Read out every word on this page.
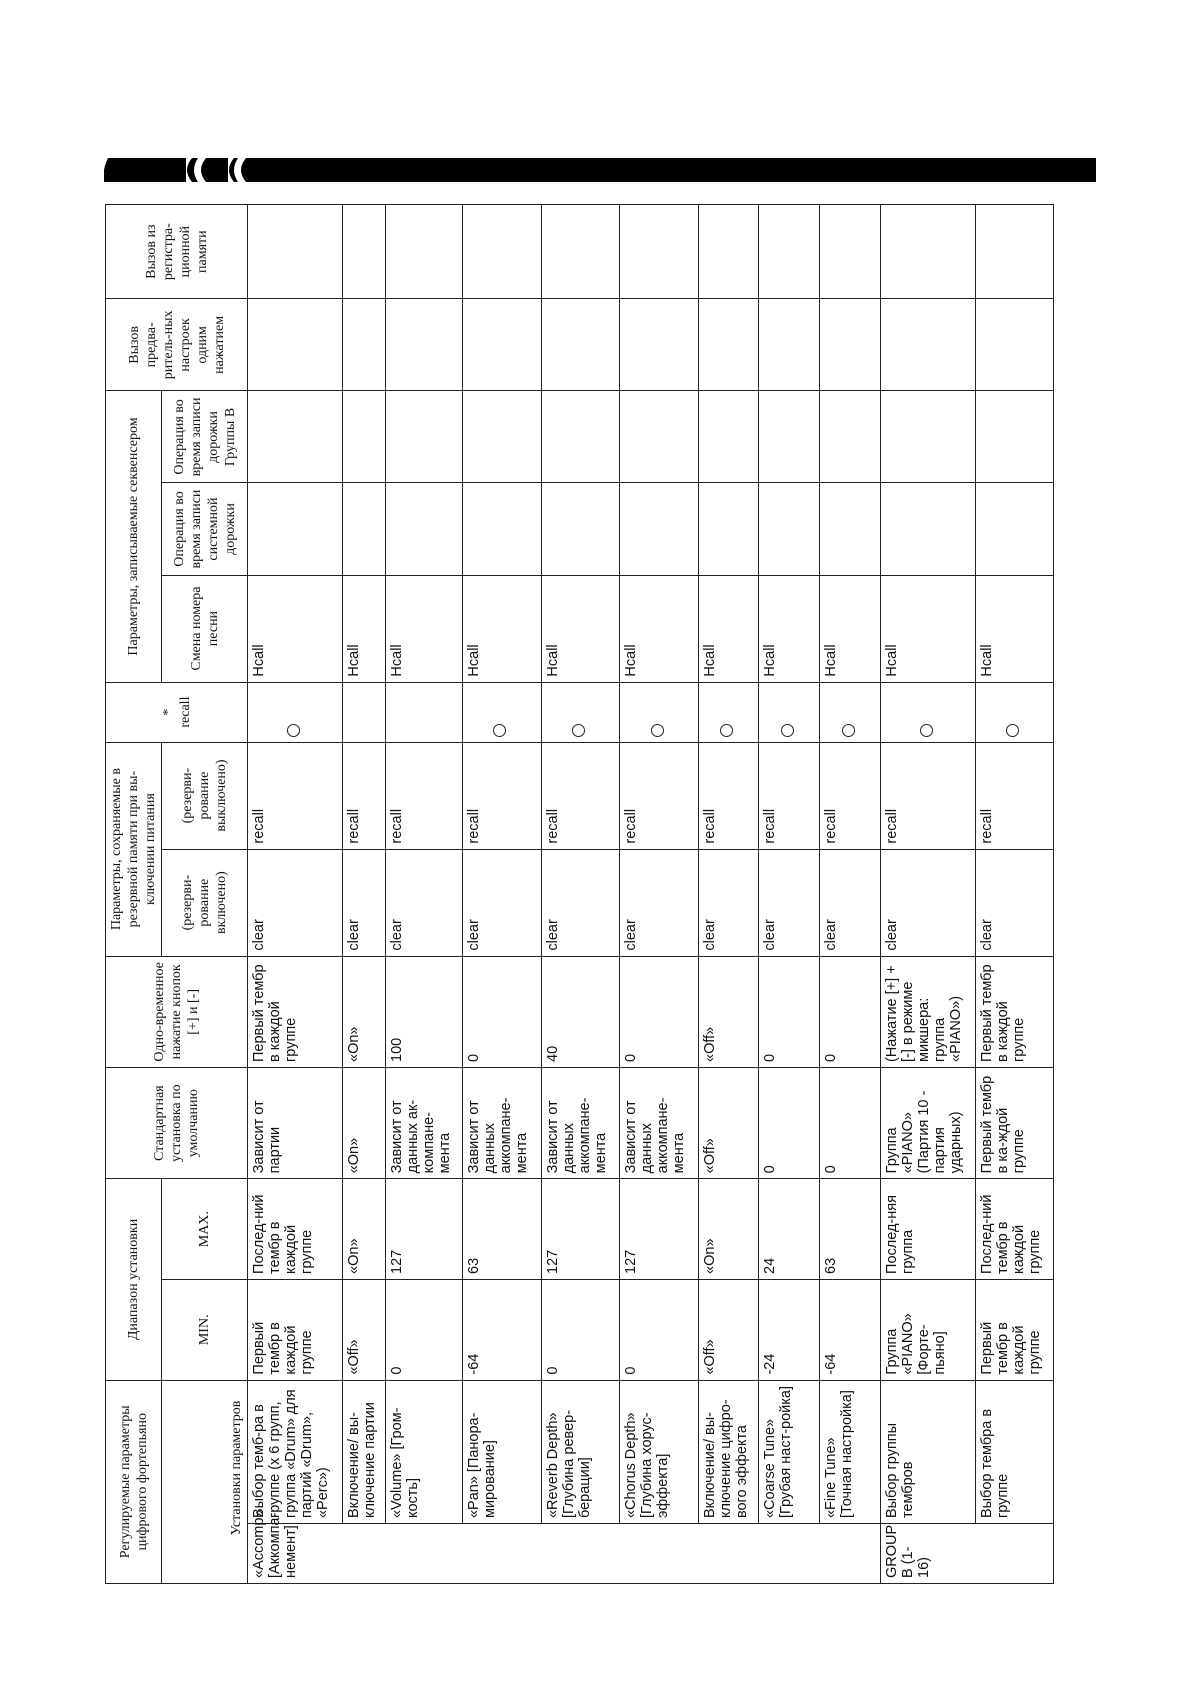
Регулируемые параметры цифрового фортепьяно		Диапазон установки		Стандартная установка по умолчанию	Одно-временное нажатие кнопок [+] и [-]	Параметры, сохраняемые в резервной памяти при вы-ключении питания		* recall	Параметры, записываемые секвенсером			Вызов предва-ритель-ных настроек одним нажатием	Вызов из регистра-ционной памяти
Установки параметров		MIN.	MAX.			(резерви-рование включено)	(резерви-рование выключено)		Смена номера песни	Операция во время записи системной дорожки	Операция во время записи дорожки Группы B		
«Accomp» [Аккомпа-немент]	Выбор темб-ра в группе (x 6 групп, группа «Drum» для партий «Drum», «Perc»)	Первый тембр в каждой группе	Послед-ний тембр в каждой группе	Зависит от партии	Первый тембр в каждой группе	clear	recall		Hcall				
	Включение/ вы-ключение партии	«Off»	«On»	«On»	«On»	clear	recall		Hcall				
	«Volume» [Гром-кость]	0	127	Зависит от данных ак-компане-мента	100	clear	recall		Hcall				
	«Pan» [Панора-мирование]	-64	63	Зависит от данных аккомпане-мента	0	clear	recall		Hcall				
	«Reverb Depth» [Глубина ревер-берации]	0	127	Зависит от данных аккомпане-мента	40	clear	recall		Hcall				
	«Chorus Depth» [Глубина хорус-эффекта]	0	127	Зависит от данных аккомпане-мента	0	clear	recall		Hcall				
	Включение/ вы-ключение цифро-вого эффекта	«Off»	«On»	«Off»	«Off»	clear	recall		Hcall				
	«Coarse Tune» [Грубая наст-ройка]	-24	24	0	0	clear	recall		Hcall				
	«Fine Tune» [Точная настройка]	-64	63	0	0	clear	recall		Hcall				
GROUP B (1-16)	Выбор группы тембров	Группа «PIANO» [Форте-пьяно]	Послед-няя группа	Группа «PIANO» (Партия 10 - партия ударных)	(Нажатие [+] + [-] в режиме микшера: группа «PIANO»)	clear	recall		Hcall				
	Выбор тембра в группе	Первый тембр в каждой группе	Послед-ний тембр в каждой группе	Первый тембр в ка-ждой группе	Первый тембр в каждой группе	clear	recall		Hcall				
